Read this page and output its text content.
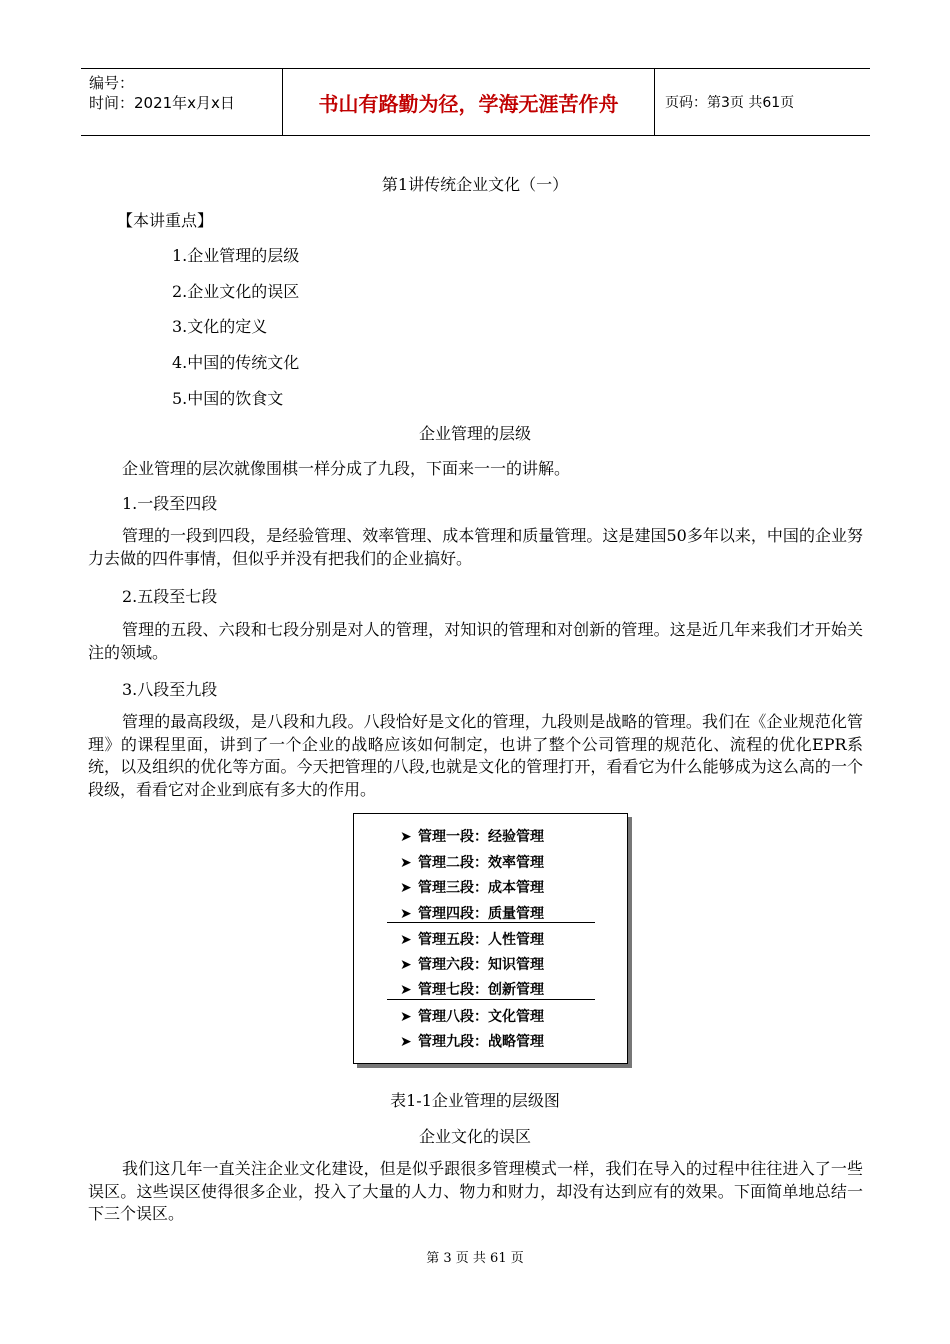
编号：
时间：2021年x月x日	书山有路勤为径，学海无涯苦作舟	页码：第3页 共61页
第1讲传统企业文化（一）
【本讲重点】
1.企业管理的层级
2.企业文化的误区
3.文化的定义
4.中国的传统文化
5.中国的饮食文
企业管理的层级
企业管理的层次就像围棋一样分成了九段，下面来一一的讲解。
1.一段至四段
管理的一段到四段，是经验管理、效率管理、成本管理和质量管理。这是建国50多年以来，中国的企业努力去做的四件事情，但似乎并没有把我们的企业搞好。
2.五段至七段
管理的五段、六段和七段分别是对人的管理，对知识的管理和对创新的管理。这是近几年来我们才开始关注的领域。
3.八段至九段
管理的最高段级，是八段和九段。八段恰好是文化的管理，九段则是战略的管理。我们在《企业规范化管理》的课程里面，讲到了一个企业的战略应该如何制定，也讲了整个公司管理的规范化、流程的优化EPR系统，以及组织的优化等方面。今天把管理的八段,也就是文化的管理打开，看看它为什么能够成为这么高的一个段级，看看它对企业到底有多大的作用。
➤ 管理一段：经验管理
➤ 管理二段：效率管理
➤ 管理三段：成本管理
➤ 管理四段：质量管理
➤ 管理五段：人性管理
➤ 管理六段：知识管理
➤ 管理七段：创新管理
➤ 管理八段：文化管理
➤ 管理九段：战略管理
表1-1企业管理的层级图
企业文化的误区
我们这几年一直关注企业文化建设，但是似乎跟很多管理模式一样，我们在导入的过程中往往进入了一些误区。这些误区使得很多企业，投入了大量的人力、物力和财力，却没有达到应有的效果。下面简单地总结一下三个误区。
第 3 页 共 61 页
